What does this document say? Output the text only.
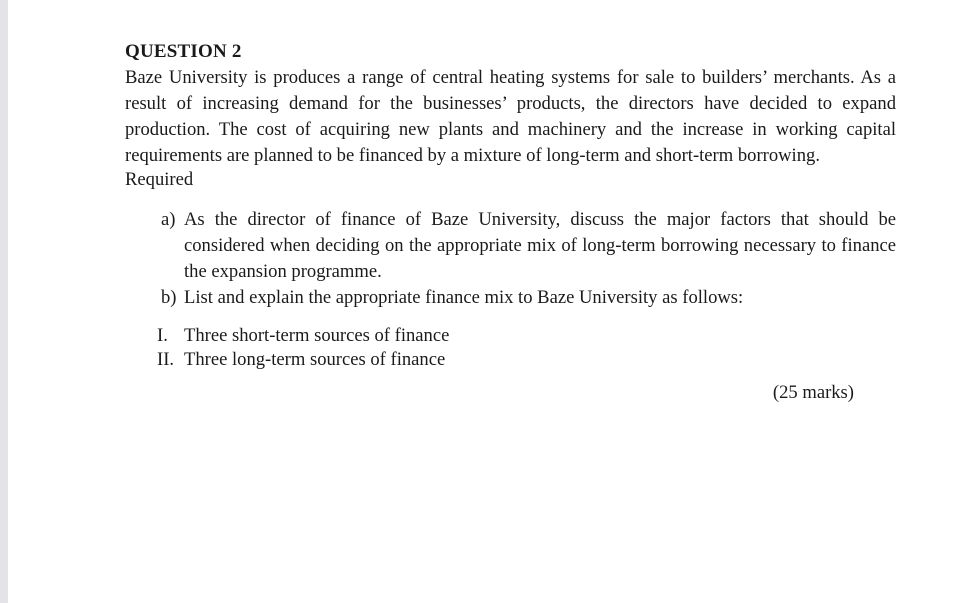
QUESTION 2

Baze University is produces a range of central heating systems for sale to builders’ merchants. As a result of increasing demand for the businesses’ products, the directors have decided to expand production. The cost of acquiring new plants and machinery and the increase in working capital requirements are planned to be financed by a mixture of long-term and short-term borrowing.

Required

a) As the director of finance of Baze University, discuss the major factors that should be considered when deciding on the appropriate mix of long-term borrowing necessary to finance the expansion programme.
b) List and explain the appropriate finance mix to Baze University as follows:
I. Three short-term sources of finance
II. Three long-term sources of finance

(25 marks)
